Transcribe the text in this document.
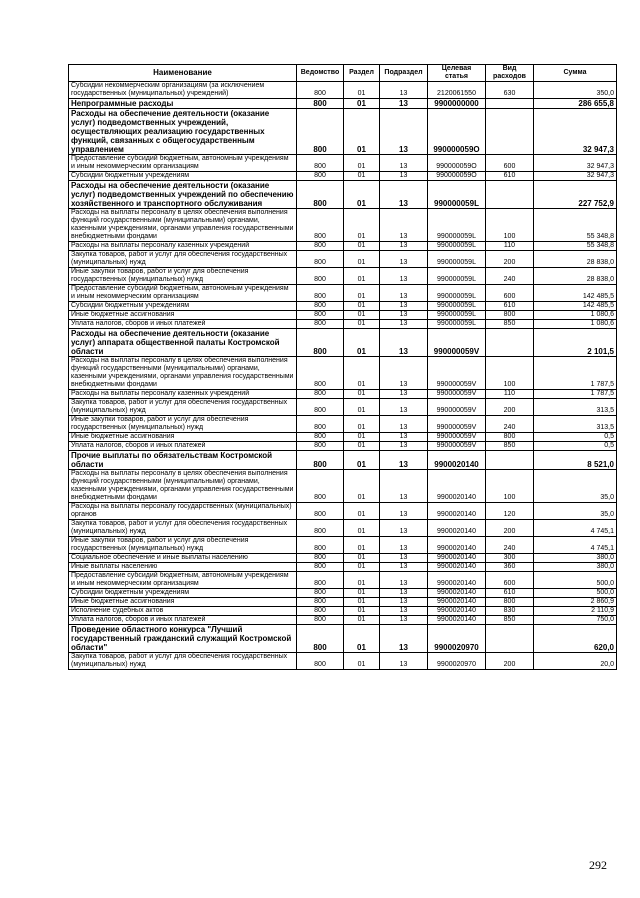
Наименование	Ведомство	Раздел	Подраздел	Целевая статья	Вид расходов	Сумма
Субсидии некоммерческим организациям (за исключением государственных (муниципальных) учреждений)	800	01	13	2120061550	630	350,0
Непрограммные расходы	800	01	13	9900000000		286 655,8
Расходы на обеспечение деятельности (оказание услуг) подведомственных учреждений, осуществляющих реализацию государственных функций, связанных с общегосударственным управлением	800	01	13	990000059О		32 947,3
Предоставление субсидий бюджетным, автономным учреждениям и иным некоммерческим организациям	800	01	13	990000059О	600	32 947,3
Субсидии бюджетным учреждениям	800	01	13	990000059О	610	32 947,3
Расходы на обеспечение деятельности (оказание услуг) подведомственных учреждений по обеспечению хозяйственного и транспортного обслуживания	800	01	13	990000059L		227 752,9
Расходы на выплаты персоналу в целях обеспечения выполнения функций государственными (муниципальными) органами, казенными учреждениями, органами управления государственными внебюджетными фондами	800	01	13	990000059L	100	55 348,8
Расходы на выплаты персоналу казенных учреждений	800	01	13	990000059L	110	55 348,8
Закупка товаров, работ и услуг для обеспечения государственных (муниципальных) нужд	800	01	13	990000059L	200	28 838,0
Иные закупки товаров, работ и услуг для обеспечения государственных (муниципальных) нужд	800	01	13	990000059L	240	28 838,0
Предоставление субсидий бюджетным, автономным учреждениям и иным некоммерческим организациям	800	01	13	990000059L	600	142 485,5
Субсидии бюджетным учреждениям	800	01	13	990000059L	610	142 485,5
Иные бюджетные ассигнования	800	01	13	990000059L	800	1 080,6
Уплата налогов, сборов и иных платежей	800	01	13	990000059L	850	1 080,6
Расходы на обеспечение деятельности (оказание услуг) аппарата общественной палаты Костромской области	800	01	13	990000059V		2 101,5
Расходы на выплаты персоналу в целях обеспечения выполнения функций государственными (муниципальными) органами, казенными учреждениями, органами управления государственными внебюджетными фондами	800	01	13	990000059V	100	1 787,5
Расходы на выплаты персоналу казенных учреждений	800	01	13	990000059V	110	1 787,5
Закупка товаров, работ и услуг для обеспечения государственных (муниципальных) нужд	800	01	13	990000059V	200	313,5
Иные закупки товаров, работ и услуг для обеспечения государственных (муниципальных) нужд	800	01	13	990000059V	240	313,5
Иные бюджетные ассигнования	800	01	13	990000059V	800	0,5
Уплата налогов, сборов и иных платежей	800	01	13	990000059V	850	0,5
Прочие выплаты по обязательствам Костромской области	800	01	13	9900020140		8 521,0
Расходы на выплаты персоналу в целях обеспечения выполнения функций государственными (муниципальными) органами, казенными учреждениями, органами управления государственными внебюджетными фондами	800	01	13	9900020140	100	35,0
Расходы на выплаты персоналу государственных (муниципальных) органов	800	01	13	9900020140	120	35,0
Закупка товаров, работ и услуг для обеспечения государственных (муниципальных) нужд	800	01	13	9900020140	200	4 745,1
Иные закупки товаров, работ и услуг для обеспечения государственных (муниципальных) нужд	800	01	13	9900020140	240	4 745,1
Социальное обеспечение и иные выплаты населению	800	01	13	9900020140	300	380,0
Иные выплаты населению	800	01	13	9900020140	360	380,0
Предоставление субсидий бюджетным, автономным учреждениям и иным некоммерческим организациям	800	01	13	9900020140	600	500,0
Субсидии бюджетным учреждениям	800	01	13	9900020140	610	500,0
Иные бюджетные ассигнования	800	01	13	9900020140	800	2 860,9
Исполнение судебных актов	800	01	13	9900020140	830	2 110,9
Уплата налогов, сборов и иных платежей	800	01	13	9900020140	850	750,0
Проведение областного конкурса "Лучший государственный гражданский служащий Костромской области"	800	01	13	9900020970		620,0
Закупка товаров, работ и услуг для обеспечения государственных (муниципальных) нужд	800	01	13	9900020970	200	20,0
292
